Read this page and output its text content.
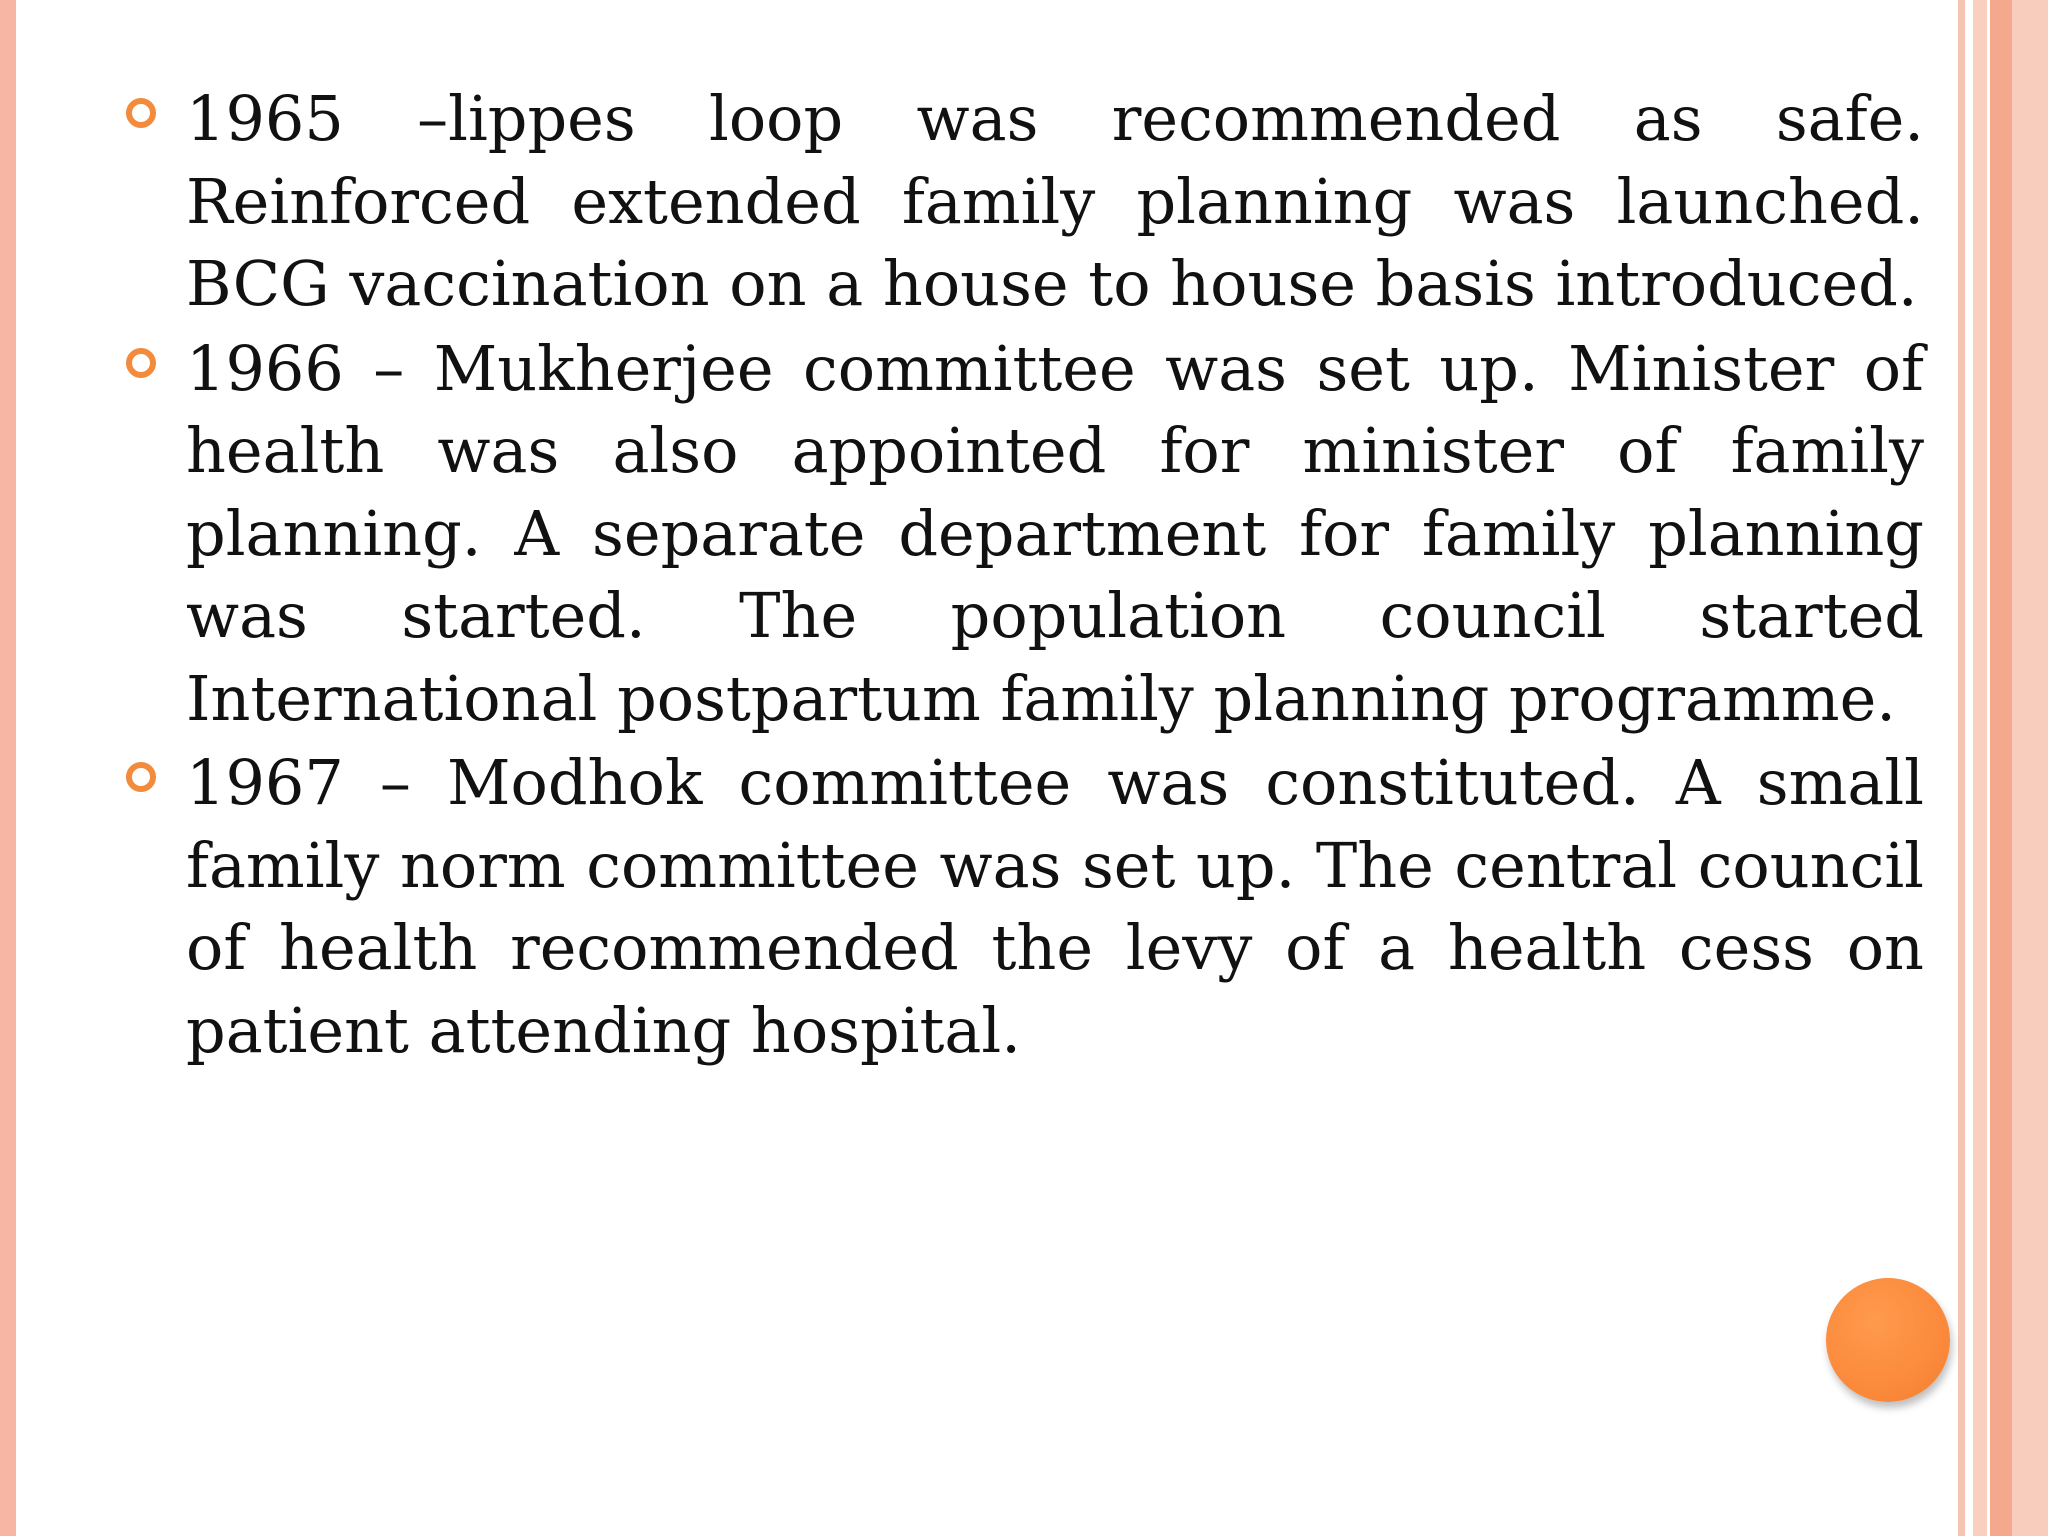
1965 –lippes loop was recommended as safe. Reinforced extended family planning was launched. BCG vaccination on a house to house basis introduced.
1966 – Mukherjee committee was set up. Minister of health was also appointed for minister of family planning. A separate department for family planning was started. The population council started International postpartum family planning programme.
1967 – Modhok committee was constituted. A small family norm committee was set up. The central council of health recommended the levy of a health cess on patient attending hospital.
